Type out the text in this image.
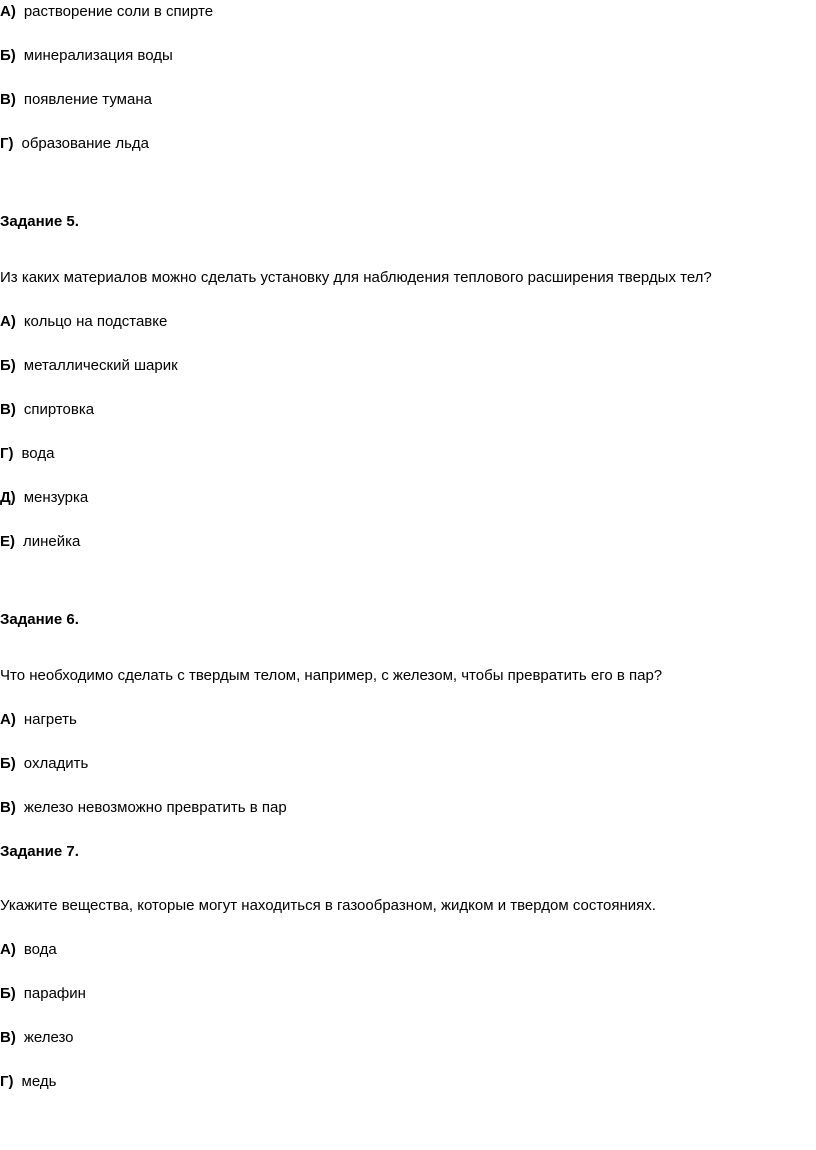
А) растворение соли в спирте
Б) минерализация воды
В) появление тумана
Г) образование льда
Задание 5.
Из каких материалов можно сделать установку для наблюдения теплового расширения твердых тел?
А) кольцо на подставке
Б) металлический шарик
В) спиртовка
Г) вода
Д) мензурка
Е) линейка
Задание 6.
Что необходимо сделать с твердым телом, например, с железом, чтобы превратить его в пар?
А) нагреть
Б) охладить
В) железо невозможно превратить в пар
Задание 7.
Укажите вещества, которые могут находиться в газообразном, жидком и твердом состояниях.
А) вода
Б) парафин
В) железо
Г) медь
